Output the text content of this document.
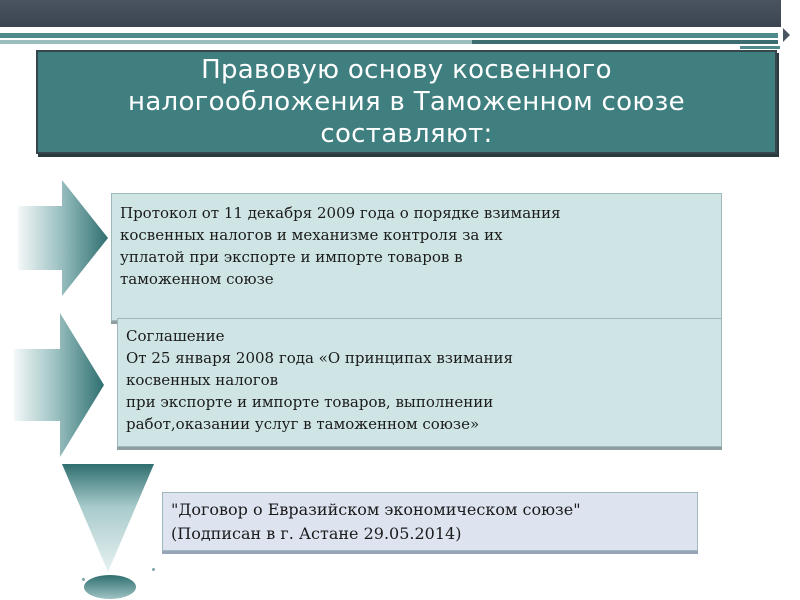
Правовую основу косвенного
налогообложения в Таможенном союзе
составляют:
Протокол от 11 декабря 2009 года о порядке взимания
косвенных налогов и механизме контроля за их
уплатой при экспорте и импорте товаров в
таможенном союзе
Соглашение
От 25 января 2008 года «О принципах взимания
косвенных налогов
при экспорте и импорте товаров, выполнении
работ,оказании услуг в таможенном союзе»
"Договор о Евразийском экономическом союзе"
(Подписан в г. Астане 29.05.2014)
